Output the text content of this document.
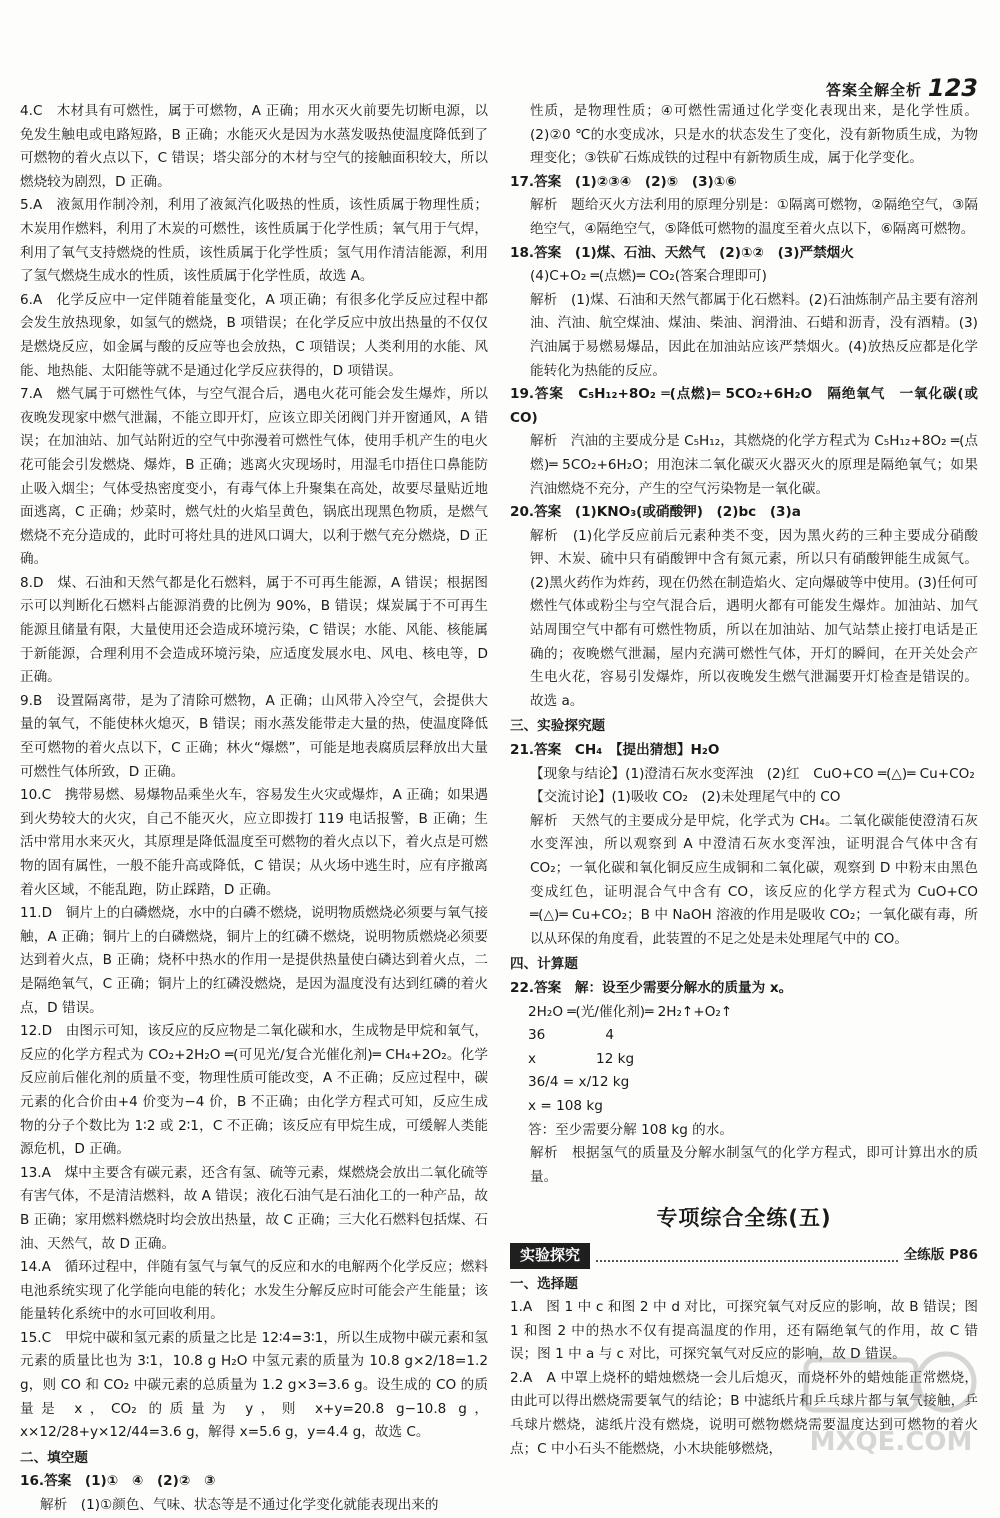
答案全解全析 123
4.C　木材具有可燃性，属于可燃物，A 正确；用水灭火前要先切断电源，以免发生触电或电路短路，B 正确；水能灭火是因为水蒸发吸热使温度降低到了可燃物的着火点以下，C 错误；塔尖部分的木材与空气的接触面积较大，所以燃烧较为剧烈，D 正确。
5.A　液氮用作制冷剂，利用了液氮汽化吸热的性质，该性质属于物理性质；木炭用作燃料，利用了木炭的可燃性，该性质属于化学性质；氧气用于气焊，利用了氧气支持燃烧的性质，该性质属于化学性质；氢气用作清洁能源，利用了氢气燃烧生成水的性质，该性质属于化学性质，故选 A。
6.A　化学反应中一定伴随着能量变化，A 项正确；有很多化学反应过程中都会发生放热现象，如氢气的燃烧，B 项错误；在化学反应中放出热量的不仅仅是燃烧反应，如金属与酸的反应等也会放热，C 项错误；人类利用的水能、风能、地热能、太阳能等就不是通过化学反应获得的，D 项错误。
7.A　燃气属于可燃性气体，与空气混合后，遇电火花可能会发生爆炸，所以夜晚发现家中燃气泄漏，不能立即开灯，应该立即关闭阀门并开窗通风，A 错误；在加油站、加气站附近的空气中弥漫着可燃性气体，使用手机产生的电火花可能会引发燃烧、爆炸，B 正确；逃离火灾现场时，用湿毛巾捂住口鼻能防止吸入烟尘；气体受热密度变小，有毒气体上升聚集在高处，故要尽量贴近地面逃离，C 正确；炒菜时，燃气灶的火焰呈黄色，锅底出现黑色物质，是燃气燃烧不充分造成的，此时可将灶具的进风口调大，以利于燃气充分燃烧，D 正确。
8.D　煤、石油和天然气都是化石燃料，属于不可再生能源，A 错误；根据图示可以判断化石燃料占能源消费的比例为 90%，B 错误；煤炭属于不可再生能源且储量有限，大量使用还会造成环境污染，C 错误；水能、风能、核能属于新能源，合理利用不会造成环境污染，应适度发展水电、风电、核电等，D 正确。
9.B　设置隔离带，是为了清除可燃物，A 正确；山风带入冷空气，会提供大量的氧气，不能使林火熄灭，B 错误；雨水蒸发能带走大量的热，使温度降低至可燃物的着火点以下，C 正确；林火“爆燃”，可能是地表腐质层释放出大量可燃性气体所致，D 正确。
10.C　携带易燃、易爆物品乘坐火车，容易发生火灾或爆炸，A 正确；如果遇到火势较大的火灾，自己不能灭火，应立即拨打 119 电话报警，B 正确；生活中常用水来灭火，其原理是降低温度至可燃物的着火点以下，着火点是可燃物的固有属性，一般不能升高或降低，C 错误；从火场中逃生时，应有序撤离着火区域，不能乱跑，防止踩踏，D 正确。
11.D　铜片上的白磷燃烧，水中的白磷不燃烧，说明物质燃烧必须要与氧气接触，A 正确；铜片上的白磷燃烧，铜片上的红磷不燃烧，说明物质燃烧必须要达到着火点，B 正确；烧杯中热水的作用一是提供热量使白磷达到着火点，二是隔绝氧气，C 正确；铜片上的红磷没燃烧，是因为温度没有达到红磷的着火点，D 错误。
12.D　由图示可知，该反应的反应物是二氧化碳和水，生成物是甲烷和氧气，反应的化学方程式为 CO₂+2H₂O ═(可见光/复合光催化剂)═ CH₄+2O₂。化学反应前后催化剂的质量不变，物理性质可能改变，A 不正确；反应过程中，碳元素的化合价由+4 价变为−4 价，B 不正确；由化学方程式可知，反应生成物的分子个数比为 1∶2 或 2∶1，C 不正确；该反应有甲烷生成，可缓解人类能源危机，D 正确。
13.A　煤中主要含有碳元素，还含有氢、硫等元素，煤燃烧会放出二氧化硫等有害气体，不是清洁燃料，故 A 错误；液化石油气是石油化工的一种产品，故 B 正确；家用燃料燃烧时均会放出热量，故 C 正确；三大化石燃料包括煤、石油、天然气，故 D 正确。
14.A　循环过程中，伴随有氢气与氧气的反应和水的电解两个化学反应；燃料电池系统实现了化学能向电能的转化；水发生分解反应时可能会产生能量；该能量转化系统中的水可回收利用。
15.C　甲烷中碳和氢元素的质量之比是 12∶4=3∶1，所以生成物中碳元素和氢元素的质量比也为 3∶1，10.8 g H₂O 中氢元素的质量为 10.8 g×2/18=1.2 g，则 CO 和 CO₂ 中碳元素的总质量为 1.2 g×3=3.6 g。设生成的 CO 的质量是 x，CO₂ 的质量为 y，则 x+y=20.8 g−10.8 g，x×12/28+y×12/44=3.6 g，解得 x=5.6 g，y=4.4 g，故选 C。
二、填空题
16.答案　(1)①　④　(2)②　③
解析　(1)①颜色、气味、状态等是不通过化学变化就能表现出来的
性质，是物理性质；④可燃性需通过化学变化表现出来，是化学性质。(2)②0 ℃的水变成冰，只是水的状态发生了变化，没有新物质生成，为物理变化；③铁矿石炼成铁的过程中有新物质生成，属于化学变化。
17.答案　(1)②③④　(2)⑤　(3)①⑥
解析　题给灭火方法利用的原理分别是：①隔离可燃物，②隔绝空气，③隔绝空气，④隔绝空气，⑤降低可燃物的温度至着火点以下，⑥隔离可燃物。
18.答案　(1)煤、石油、天然气　(2)①②　(3)严禁烟火
(4)C+O₂ ═(点燃)═ CO₂(答案合理即可)
解析　(1)煤、石油和天然气都属于化石燃料。(2)石油炼制产品主要有溶剂油、汽油、航空煤油、煤油、柴油、润滑油、石蜡和沥青，没有酒精。(3)汽油属于易燃易爆品，因此在加油站应该严禁烟火。(4)放热反应都是化学能转化为热能的反应。
19.答案　C₅H₁₂+8O₂ ═(点燃)═ 5CO₂+6H₂O　隔绝氧气　一氧化碳(或 CO)
解析　汽油的主要成分是 C₅H₁₂，其燃烧的化学方程式为 C₅H₁₂+8O₂ ═(点燃)═ 5CO₂+6H₂O；用泡沫二氧化碳灭火器灭火的原理是隔绝氧气；如果汽油燃烧不充分，产生的空气污染物是一氧化碳。
20.答案　(1)KNO₃(或硝酸钾)　(2)bc　(3)a
解析　(1)化学反应前后元素种类不变，因为黑火药的三种主要成分硝酸钾、木炭、硫中只有硝酸钾中含有氮元素，所以只有硝酸钾能生成氮气。(2)黑火药作为炸药，现在仍然在制造焰火、定向爆破等中使用。(3)任何可燃性气体或粉尘与空气混合后，遇明火都有可能发生爆炸。加油站、加气站周围空气中都有可燃性物质，所以在加油站、加气站禁止接打电话是正确的；夜晚燃气泄漏，屋内充满可燃性气体，开灯的瞬间，在开关处会产生电火花，容易引发爆炸，所以夜晚发生燃气泄漏要开灯检查是错误的。故选 a。
三、实验探究题
21.答案　CH₄　【提出猜想】H₂O
【现象与结论】(1)澄清石灰水变浑浊　(2)红　CuO+CO ═(△)═ Cu+CO₂
【交流讨论】(1)吸收 CO₂　(2)未处理尾气中的 CO
解析　天然气的主要成分是甲烷，化学式为 CH₄。二氧化碳能使澄清石灰水变浑浊，所以观察到 A 中澄清石灰水变浑浊，证明混合气体中含有 CO₂；一氧化碳和氧化铜反应生成铜和二氧化碳，观察到 D 中粉末由黑色变成红色，证明混合气中含有 CO，该反应的化学方程式为 CuO+CO ═(△)═ Cu+CO₂；B 中 NaOH 溶液的作用是吸收 CO₂；一氧化碳有毒，所以从环保的角度看，此装置的不足之处是未处理尾气中的 CO。
四、计算题
22.答案　解：设至少需要分解水的质量为 x。
2H₂O ═(光/催化剂)═ 2H₂↑+O₂↑
36	4
x	12 kg
36/4 = x/12 kg
x = 108 kg
答：至少需要分解 108 kg 的水。
解析　根据氢气的质量及分解水制氢气的化学方程式，即可计算出水的质量。
专项综合全练(五)
实验探究	全练版 P86
一、选择题
1.A　图 1 中 c 和图 2 中 d 对比，可探究氧气对反应的影响，故 B 错误；图 1 和图 2 中的热水不仅有提高温度的作用，还有隔绝氧气的作用，故 C 错误；图 1 中 a 与 c 对比，可探究氧气对反应的影响，故 D 错误。
2.A　A 中罩上烧杯的蜡烛燃烧一会儿后熄灭，而烧杯外的蜡烛能正常燃烧，由此可以得出燃烧需要氧气的结论；B 中滤纸片和乒乓球片都与氧气接触，乒乓球片燃烧，滤纸片没有燃烧，说明可燃物燃烧需要温度达到可燃物的着火点；C 中小石头不能燃烧，小木块能够燃烧，	MXQE.COM
